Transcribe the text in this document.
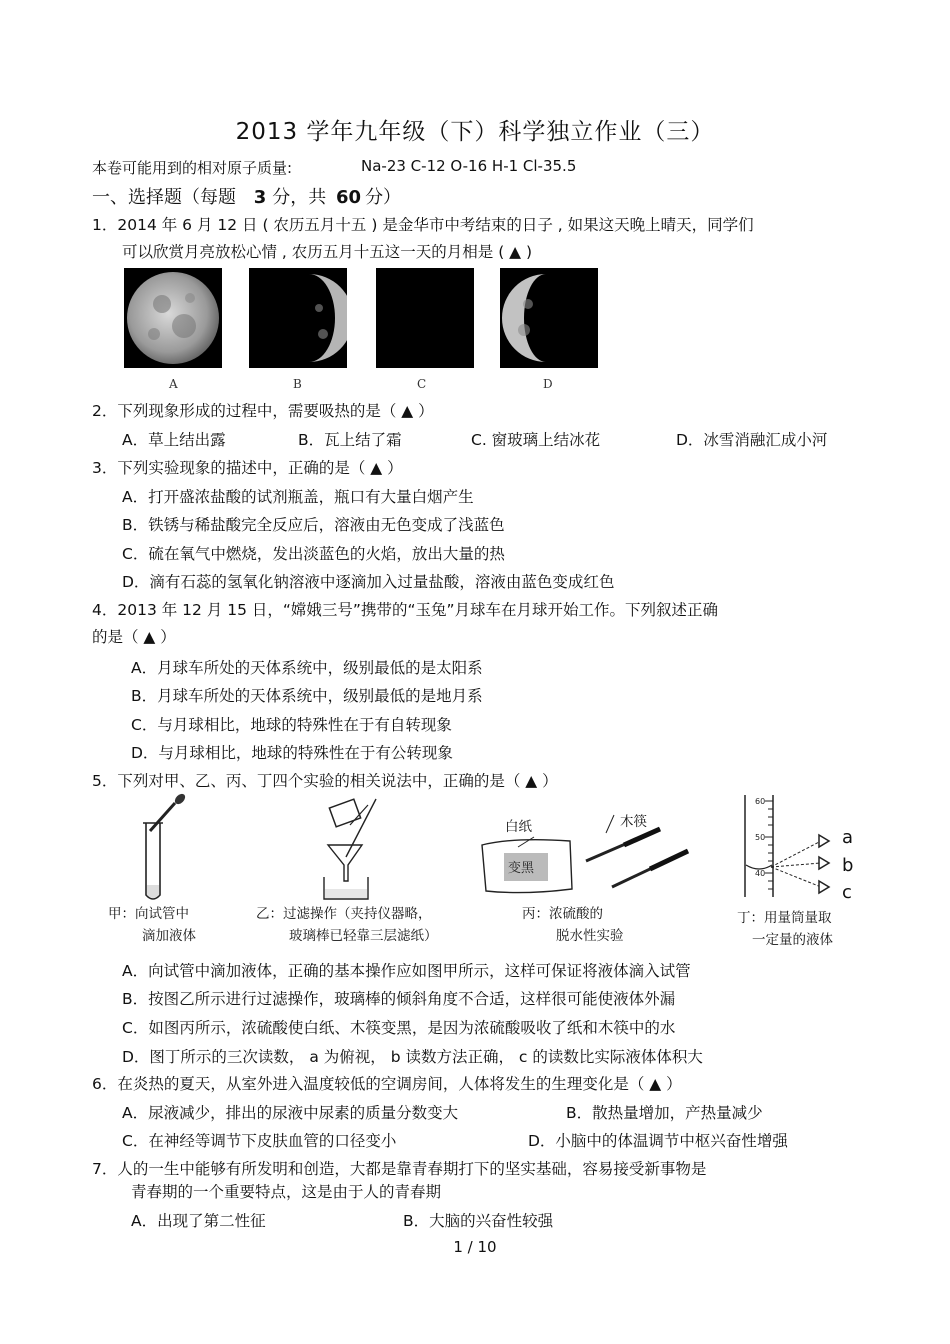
2013 学年九年级（下）科学独立作业（三）
本卷可能用到的相对原子质量:	Na-23 C-12 O-16 H-1 Cl-35.5
一、选择题（每题 3 分，共 60 分）
1．2014 年 6 月 12 日 ( 农历五月十五 ) 是金华市中考结束的日子 , 如果这天晚上晴天，同学们
可以欣赏月亮放松心情 , 农历五月十五这一天的月相是 ( ▲ )
A	B	C	D
2．下列现象形成的过程中，需要吸热的是（ ▲ ）
A．草上结出露	B．瓦上结了霜	C. 窗玻璃上结冰花	D．冰雪消融汇成小河
3．下列实验现象的描述中，正确的是（ ▲ ）
A．打开盛浓盐酸的试剂瓶盖，瓶口有大量白烟产生
B．铁锈与稀盐酸完全反应后，溶液由无色变成了浅蓝色
C．硫在氧气中燃烧，发出淡蓝色的火焰，放出大量的热
D．滴有石蕊的氢氧化钠溶液中逐滴加入过量盐酸，溶液由蓝色变成红色
4．2013 年 12 月 15 日，“嫦娥三号”携带的“玉兔”月球车在月球开始工作。下列叙述正确
的是（ ▲ ）
A．月球车所处的天体系统中，级别最低的是太阳系
B．月球车所处的天体系统中，级别最低的是地月系
C．与月球相比，地球的特殊性在于有自转现象
D．与月球相比，地球的特殊性在于有公转现象
5．下列对甲、乙、丙、丁四个实验的相关说法中，正确的是（ ▲ ）
甲：向试管中
滴加液体
乙：过滤操作（夹持仪器略，
玻璃棒已轻靠三层滤纸）
白纸	木筷
变黑
丙：浓硫酸的
脱水性实验
60
50
40
a
b
c
丁：用量筒量取
一定量的液体
A．向试管中滴加液体，正确的基本操作应如图甲所示，这样可保证将液体滴入试管
B．按图乙所示进行过滤操作，玻璃棒的倾斜角度不合适，这样很可能使液体外漏
C．如图丙所示，浓硫酸使白纸、木筷变黑，是因为浓硫酸吸收了纸和木筷中的水
D．图丁所示的三次读数， a 为俯视， b 读数方法正确， c 的读数比实际液体体积大
6．在炎热的夏天，从室外进入温度较低的空调房间，人体将发生的生理变化是（ ▲ ）
A．尿液减少，排出的尿液中尿素的质量分数变大	B．散热量增加，产热量减少
C．在神经等调节下皮肤血管的口径变小	D．小脑中的体温调节中枢兴奋性增强
7．人的一生中能够有所发明和创造，大都是靠青春期打下的坚实基础，容易接受新事物是
青春期的一个重要特点，这是由于人的青春期
A．出现了第二性征	B．大脑的兴奋性较强
1 / 10
